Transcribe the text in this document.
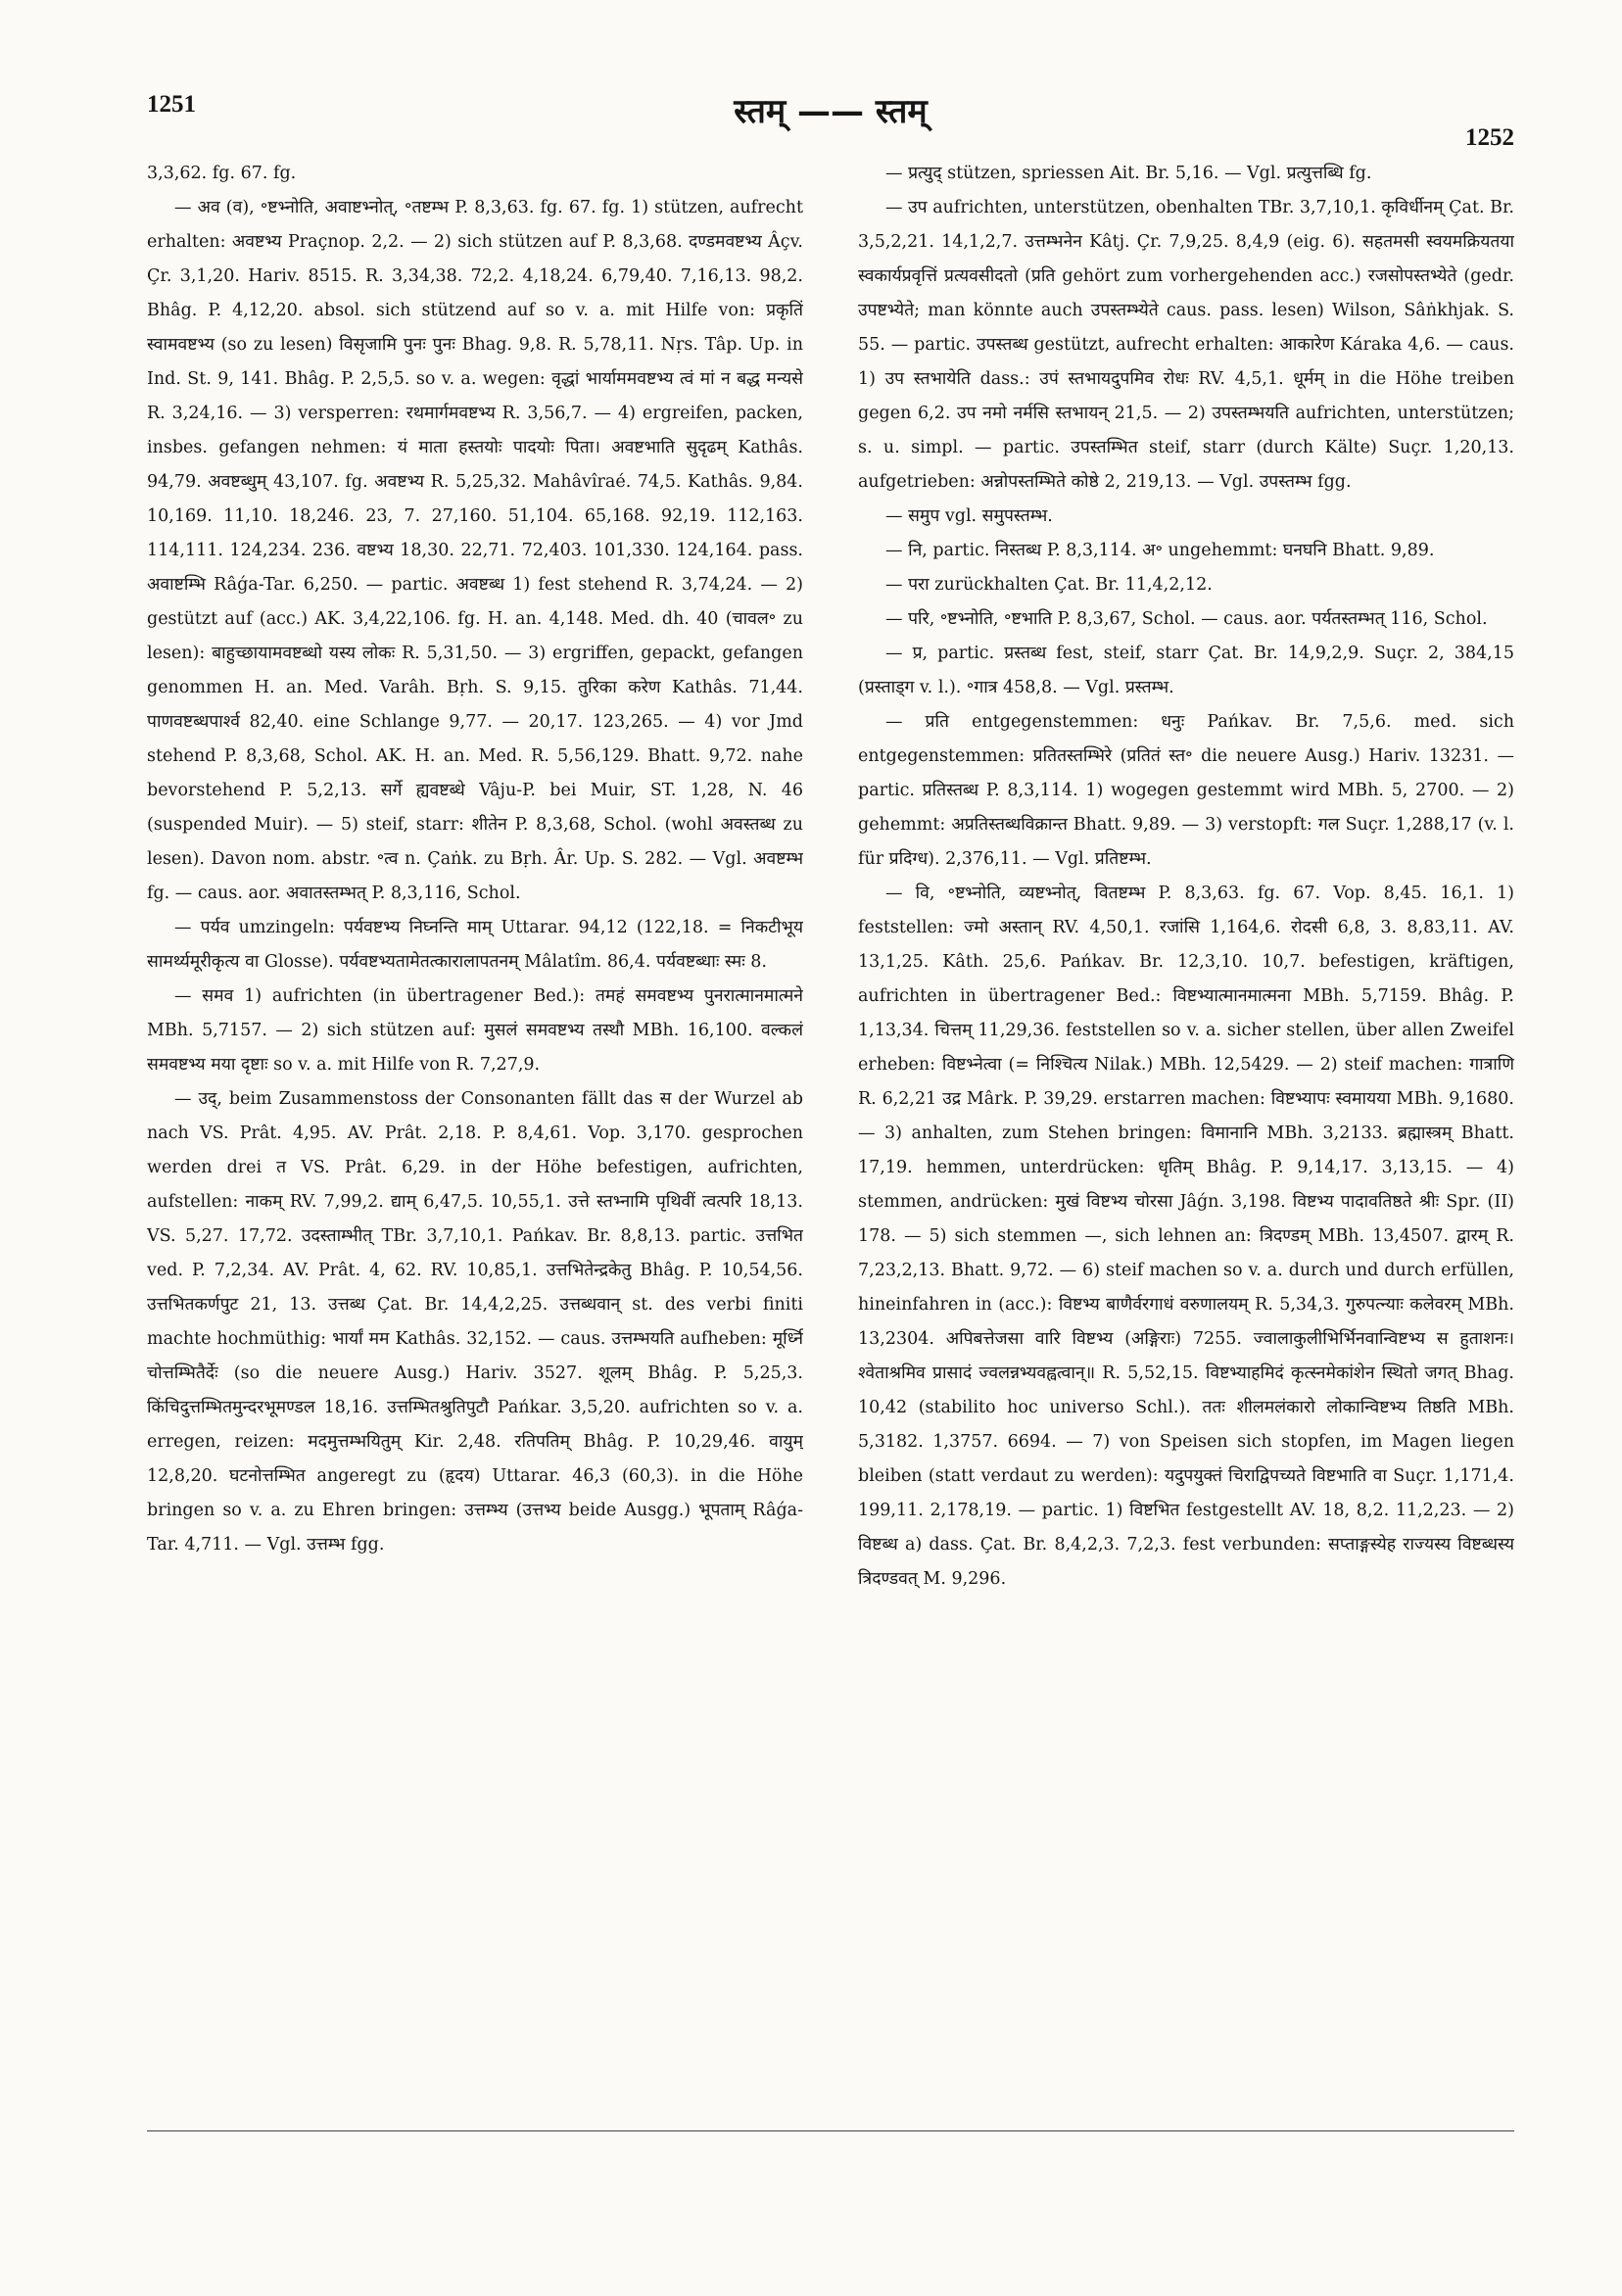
1251	स्तम् —— स्तम्
1252

3,3,62. fg. 67. fg.

— अव (व), ॰ष्टभ्नोति, अवाष्टभ्नोत्, ॰तष्टम्भ P. 8,3,63. fg. 67. fg. 1) stützen, aufrecht erhalten: अवष्टभ्य Praçnop. 2,2. — 2) sich stützen auf P. 8,3,68. दण्डमवष्टभ्य Âçv. Çr. 3,1,20. Hariv. 8515. R. 3,34,38. 72,2. 4,18,24. 6,79,40. 7,16,13. 98,2. Bhâg. P. 4,12,20. absol. sich stützend auf so v. a. mit Hilfe von: प्रकृतिं स्वामवष्टभ्य (so zu lesen) विसृजामि पुनः पुनः Bhag. 9,8. R. 5,78,11. Nṛs. Tâp. Up. in Ind. St. 9, 141. Bhâg. P. 2,5,5. so v. a. wegen: वृद्धां भार्याममवष्टभ्य त्वं मां न बद्ध मन्यसे R. 3,24,16. — 3) versperren: रथमार्गमवष्टभ्य R. 3,56,7. — 4) ergreifen, packen, insbes. gefangen nehmen: यं माता हस्तयोः पादयोः पिता। अवष्टभाति सुदृढम् Kathâs. 94,79. अवष्टब्धुम् 43,107. fg. अवष्टभ्य R. 5,25,32. Mahâvîraé. 74,5. Kathâs. 9,84. 10,169. 11,10. 18,246. 23, 7. 27,160. 51,104. 65,168. 92,19. 112,163. 114,111. 124,234. 236. वष्टभ्य 18,30. 22,71. 72,403. 101,330. 124,164. pass. अवाष्टम्भि Râǵa-Tar. 6,250. — partic. अवष्टब्ध 1) fest stehend R. 3,74,24. — 2) gestützt auf (acc.) AK. 3,4,22,106. fg. H. an. 4,148. Med. dh. 40 (चावल॰ zu lesen): बाहुच्छायामवष्टब्धो यस्य लोकः R. 5,31,50. — 3) ergriffen, gepackt, gefangen genommen H. an. Med. Varâh. Bṛh. S. 9,15. तुरिका करेण Kathâs. 71,44. पाणवष्टब्धपार्श्व 82,40. eine Schlange 9,77. — 20,17. 123,265. — 4) vor Jmd stehend P. 8,3,68, Schol. AK. H. an. Med. R. 5,56,129. Bhatt. 9,72. nahe bevorstehend P. 5,2,13. सर्गे ह्यवष्टब्धे Vâju-P. bei Muir, ST. 1,28, N. 46 (suspended Muir). — 5) steif, starr: शीतेन P. 8,3,68, Schol. (wohl अवस्तब्ध zu lesen). Davon nom. abstr. ॰त्व n. Çaṅk. zu Bṛh. Âr. Up. S. 282. — Vgl. अवष्टम्भ fg. — caus. aor. अवातस्तम्भत् P. 8,3,116, Schol.

— पर्यव umzingeln: पर्यवष्टभ्य निघ्नन्ति माम् Uttarar. 94,12 (122,18. = निकटीभूय सामर्थ्यमूरीकृत्य वा Glosse). पर्यवष्टभ्यतामेतत्कारालापतनम् Mâlatîm. 86,4. पर्यवष्टब्धाः स्मः 8.

— समव 1) aufrichten (in übertragener Bed.): तमहं समवष्टभ्य पुनरात्मानमात्मने MBh. 5,7157. — 2) sich stützen auf: मुसलं समवष्टभ्य तस्थौ MBh. 16,100. वल्कलं समवष्टभ्य मया दृष्टाः so v. a. mit Hilfe von R. 7,27,9.

— उद्, beim Zusammenstoss der Consonanten fällt das स der Wurzel ab nach VS. Prât. 4,95. AV. Prât. 2,18. P. 8,4,61. Vop. 3,170. gesprochen werden drei त VS. Prât. 6,29. in der Höhe befestigen, aufrichten, aufstellen: नाकम् RV. 7,99,2. द्याम् 6,47,5. 10,55,1. उत्ते स्तभ्नामि पृथिवीं त्वत्परि 18,13. VS. 5,27. 17,72. उदस्ताम्भीत् TBr. 3,7,10,1. Pańkav. Br. 8,8,13. partic. उत्तभित ved. P. 7,2,34. AV. Prât. 4, 62. RV. 10,85,1. उत्तभितेन्द्रकेतु Bhâg. P. 10,54,56. उत्तभितकर्णपुट 21, 13. उत्तब्ध Çat. Br. 14,4,2,25. उत्तब्धवान् st. des verbi finiti machte hochmüthig: भार्यां मम Kathâs. 32,152. — caus. उत्तम्भयति aufheben: मूर्ध्नि चोत्तम्भितैर्देः (so die neuere Ausg.) Hariv. 3527. शूलम् Bhâg. P. 5,25,3. किंचिदुत्तम्भितमुन्दरभूमण्डल 18,16. उत्तम्भितश्रुतिपुटौ Pańkar. 3,5,20. aufrichten so v. a. erregen, reizen: मदमुत्तम्भयितुम् Kir. 2,48. रतिपतिम् Bhâg. P. 10,29,46. वायुम् 12,8,20. घटनोत्तम्भित angeregt zu (हृदय) Uttarar. 46,3 (60,3). in die Höhe bringen so v. a. zu Ehren bringen: उत्तम्भ्य (उत्तभ्य beide Ausgg.) भूपताम् Râǵa-Tar. 4,711. — Vgl. उत्तम्भ fgg.

— प्रत्युद् stützen, spriessen Ait. Br. 5,16. — Vgl. प्रत्युत्तब्धि fg.

— उप aufrichten, unterstützen, obenhalten TBr. 3,7,10,1. कृविर्धीनम् Çat. Br. 3,5,2,21. 14,1,2,7. उत्तम्भनेन Kâtj. Çr. 7,9,25. 8,4,9 (eig. 6). सहतमसी स्वयमक्रियतया स्वकार्यप्रवृत्तिं प्रत्यवसीदतो (प्रति gehört zum vorhergehenden acc.) रजसोपस्तभ्येते (gedr. उपष्टभ्येते; man könnte auch उपस्तम्भ्येते caus. pass. lesen) Wilson, Sâṅkhjak. S. 55. — partic. उपस्तब्ध gestützt, aufrecht erhalten: आकारेण Káraka 4,6. — caus. 1) उप स्तभायेति dass.: उपं स्तभायदुपमिव रोधः RV. 4,5,1. धूर्मम् in die Höhe treiben gegen 6,2. उप नमो नर्मसि स्तभायन् 21,5. — 2) उपस्तम्भयति aufrichten, unterstützen; s. u. simpl. — partic. उपस्तम्भित steif, starr (durch Kälte) Suçr. 1,20,13. aufgetrieben: अन्नोपस्तम्भिते कोष्ठे 2, 219,13. — Vgl. उपस्तम्भ fgg.

— समुप vgl. समुपस्तम्भ.

— नि, partic. निस्तब्ध P. 8,3,114. अ॰ ungehemmt: घनघनि Bhatt. 9,89.

— परा zurückhalten Çat. Br. 11,4,2,12.

— परि, ॰ष्टभ्नोति, ॰ष्टभाति P. 8,3,67, Schol. — caus. aor. पर्यतस्तम्भत् 116, Schol.

— प्र, partic. प्रस्तब्ध fest, steif, starr Çat. Br. 14,9,2,9. Suçr. 2, 384,15 (प्रस्ताड्ग v. l.). ॰गात्र 458,8. — Vgl. प्रस्तम्भ.

— प्रति entgegenstemmen: धनुः Pańkav. Br. 7,5,6. med. sich entgegenstemmen: प्रतितस्तम्भिरे (प्रतितं स्त॰ die neuere Ausg.) Hariv. 13231. — partic. प्रतिस्तब्ध P. 8,3,114. 1) wogegen gestemmt wird MBh. 5, 2700. — 2) gehemmt: अप्रतिस्तब्धविक्रान्त Bhatt. 9,89. — 3) verstopft: गल Suçr. 1,288,17 (v. l. für प्रदिग्ध). 2,376,11. — Vgl. प्रतिष्टम्भ.

— वि, ॰ष्टभ्नोति, व्यष्टभ्नोत्, वितष्टम्भ P. 8,3,63. fg. 67. Vop. 8,45. 16,1. 1) feststellen: ज्मो अस्तान् RV. 4,50,1. रजांसि 1,164,6. रोदसी 6,8, 3. 8,83,11. AV. 13,1,25. Kâth. 25,6. Pańkav. Br. 12,3,10. 10,7. befestigen, kräftigen, aufrichten in übertragener Bed.: विष्टभ्यात्मानमात्मना MBh. 5,7159. Bhâg. P. 1,13,34. चित्तम् 11,29,36. feststellen so v. a. sicher stellen, über allen Zweifel erheben: विष्टभ्नेत्वा (= निश्चित्य Nilak.) MBh. 12,5429. — 2) steif machen: गात्राणि R. 6,2,21 उद्र Mârk. P. 39,29. erstarren machen: विष्टभ्यापः स्वमायया MBh. 9,1680. — 3) anhalten, zum Stehen bringen: विमानानि MBh. 3,2133. ब्रह्मास्त्रम् Bhatt. 17,19. hemmen, unterdrücken: धृतिम् Bhâg. P. 9,14,17. 3,13,15. — 4) stemmen, andrücken: मुखं विष्टभ्य चोरसा Jâǵn. 3,198. विष्टभ्य पादावतिष्ठते श्रीः Spr. (II) 178. — 5) sich stemmen —, sich lehnen an: त्रिदण्डम् MBh. 13,4507. द्वारम् R. 7,23,2,13. Bhatt. 9,72. — 6) steif machen so v. a. durch und durch erfüllen, hineinfahren in (acc.): विष्टभ्य बाणैर्वरगाधं वरुणालयम् R. 5,34,3. गुरुपत्न्याः कलेवरम् MBh. 13,2304. अपिबत्तेजसा वारि विष्टभ्य (अङ्गिराः) 7255. ज्वालाकुलीभिर्भिनवान्विष्टभ्य स हुताशनः। श्वेताश्रमिव प्रासादं ज्वलन्नभ्यवह्वत्वान्॥ R. 5,52,15. विष्टभ्याहमिदं कृत्स्नमेकांशेन स्थितो जगत् Bhag. 10,42 (stabilito hoc universo Schl.). ततः शीलमलंकारो लोकान्विष्टभ्य तिष्ठति MBh. 5,3182. 1,3757. 6694. — 7) von Speisen sich stopfen, im Magen liegen bleiben (statt verdaut zu werden): यदुपयुक्तं चिराद्विपच्यते विष्टभाति वा Suçr. 1,171,4. 199,11. 2,178,19. — partic. 1) विष्टभित festgestellt AV. 18, 8,2. 11,2,23. — 2) विष्टब्ध a) dass. Çat. Br. 8,4,2,3. 7,2,3. fest verbunden: सप्ताङ्गस्येह राज्यस्य विष्टब्धस्य त्रिदण्डवत् M. 9,296.
